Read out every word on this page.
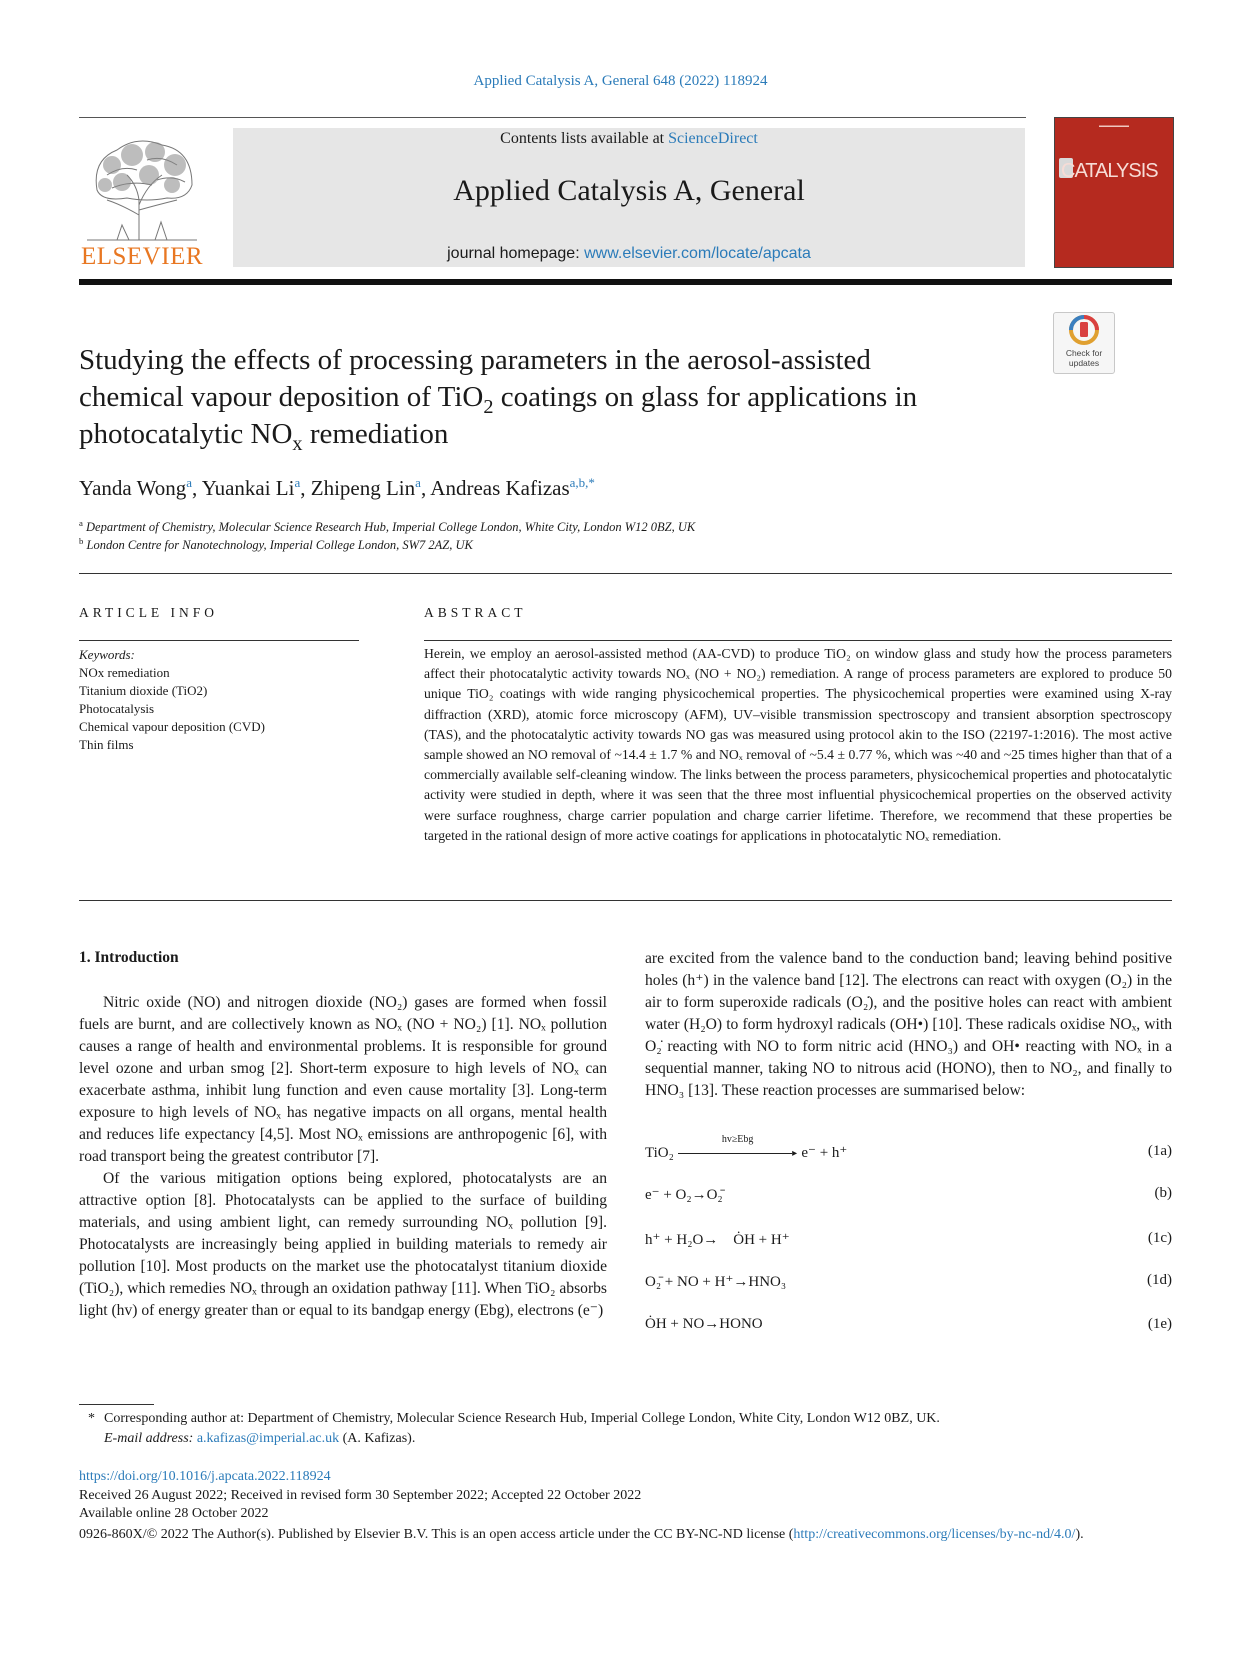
Applied Catalysis A, General 648 (2022) 118924
ELSEVIER
Contents lists available at ScienceDirect
Applied Catalysis A, General
journal homepage: www.elsevier.com/locate/apcata
▬▬▬▬▬▬
CATALYSIS
Check for
updates
Studying the effects of processing parameters in the aerosol-assisted
chemical vapour deposition of TiO$_2$ coatings on glass for applications in
photocatalytic $NO_x$ remediation
Yanda Wong$^a$, Yuankai Li$^a$, Zhipeng Lin$^a$, Andreas Kafizas$^{a,b,*}$
$^a$ Department of Chemistry, Molecular Science Research Hub, Imperial College London, White City, London W12 0BZ, UK
$^b$ London Centre for Nanotechnology, Imperial College London, SW7 2AZ, UK
ARTICLE INFO	ABSTRACT
Keywords:
NOx remediation
Titanium dioxide (TiO2)
Photocatalysis
Chemical vapour deposition (CVD)
Thin films
Herein, we employ an aerosol-assisted method (AA-CVD) to produce TiO₂ on window glass and study how the process parameters affect their photocatalytic activity towards NOₓ (NO + NO₂) remediation. A range of process parameters are explored to produce 50 unique TiO₂ coatings with wide ranging physicochemical properties. The physicochemical properties were examined using X-ray diffraction (XRD), atomic force microscopy (AFM), UV–visible transmission spectroscopy and transient absorption spectroscopy (TAS), and the photocatalytic activity towards NO gas was measured using protocol akin to the ISO (22197-1:2016). The most active sample showed an NO removal of ~14.4 ± 1.7 % and NOₓ removal of ~5.4 ± 0.77 %, which was ~40 and ~25 times higher than that of a commercially available self-cleaning window. The links between the process parameters, physicochemical properties and photocatalytic activity were studied in depth, where it was seen that the three most influential physicochemical properties on the observed activity were surface roughness, charge carrier population and charge carrier lifetime. Therefore, we recommend that these properties be targeted in the rational design of more active coatings for applications in photocatalytic NOₓ remediation.
1. Introduction

Nitric oxide (NO) and nitrogen dioxide (NO₂) gases are formed when fossil fuels are burnt, and are collectively known as NOₓ (NO + NO₂) [1]. NOₓ pollution causes a range of health and environmental problems. It is responsible for ground level ozone and urban smog [2]. Short-term exposure to high levels of NOₓ can exacerbate asthma, inhibit lung function and even cause mortality [3]. Long-term exposure to high levels of NOₓ has negative impacts on all organs, mental health and reduces life expectancy [4,5]. Most NOₓ emissions are anthropogenic [6], with road transport being the greatest contributor [7].

Of the various mitigation options being explored, photocatalysts are an attractive option [8]. Photocatalysts can be applied to the surface of building materials, and using ambient light, can remedy surrounding NOₓ pollution [9]. Photocatalysts are increasingly being applied in building materials to remedy air pollution [10]. Most products on the market use the photocatalyst titanium dioxide (TiO₂), which remedies NOₓ through an oxidation pathway [11]. When TiO₂ absorbs light (hv) of energy greater than or equal to its bandgap energy (Ebg), electrons (e⁻)

are excited from the valence band to the conduction band; leaving behind positive holes (h⁺) in the valence band [12]. The electrons can react with oxygen (O₂) in the air to form superoxide radicals (O₂̇), and the positive holes can react with ambient water (H₂O) to form hydroxyl radicals (OH•) [10]. These radicals oxidise NOₓ, with O₂̇ reacting with NO to form nitric acid (HNO₃) and OH• reacting with NOₓ in a sequential manner, taking NO to nitrous acid (HONO), then to NO₂, and finally to HNO₃ [13]. These reaction processes are summarised below:

TiO₂
hv≥Ebg
▸ e⁻ + h⁺	(1a)
e⁻ + O₂→O₂̄	(b)
h⁺ + H₂O→    ȮH + H⁺	(1c)
O₂̄ + NO + H⁺→HNO₃	(1d)
ȮH + NO→HONO	(1e)
* Corresponding author at: Department of Chemistry, Molecular Science Research Hub, Imperial College London, White City, London W12 0BZ, UK.
E-mail address: a.kafizas@imperial.ac.uk (A. Kafizas).
https://doi.org/10.1016/j.apcata.2022.118924
Received 26 August 2022; Received in revised form 30 September 2022; Accepted 22 October 2022
Available online 28 October 2022
0926-860X/© 2022 The Author(s). Published by Elsevier B.V. This is an open access article under the CC BY-NC-ND license (http://creativecommons.org/licenses/by-nc-nd/4.0/).
